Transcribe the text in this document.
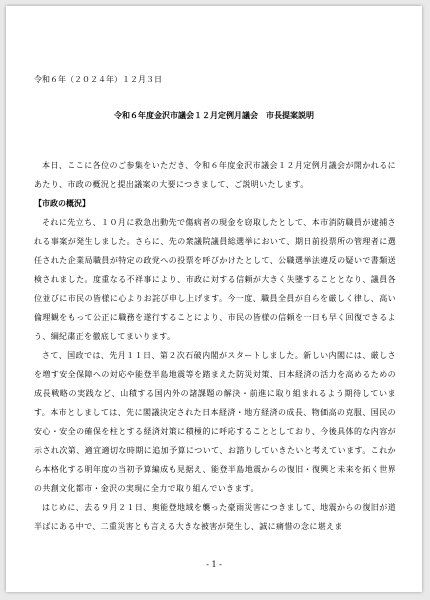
令和６年（２０２４年）１２月３日
令和６年度金沢市議会１２月定例月議会　市長提案説明

本日、ここに各位のご参集をいただき、令和６年度金沢市議会１２月定例月議会が開かれるにあたり、市政の概況と提出議案の大要につきまして、ご説明いたします。

【市政の概況】

それに先立ち、１０月に救急出動先で傷病者の現金を窃取したとして、本市消防職員が逮捕される事案が発生しました。さらに、先の衆議院議員総選挙において、期日前投票所の管理者に選任された企業局職員が特定の政党への投票を呼びかけたとして、公職選挙法違反の疑いで書類送検されました。度重なる不祥事により、市政に対する信頼が大きく失墜することとなり、議員各位並びに市民の皆様に心よりお詫び申し上げます。今一度、職員全員が自らを厳しく律し、高い倫理観をもって公正に職務を遂行することにより、市民の皆様の信頼を一日も早く回復できるよう、綱紀粛正を徹底してまいります。

さて、国政では、先月１１日、第２次石破内閣がスタートしました。新しい内閣には、厳しさを増す安全保障への対応や能登半島地震等を踏まえた防災対策、日本経済の活力を高めるための成長戦略の実践など、山積する国内外の諸課題の解決・前進に取り組まれるよう期待しています。本市としましては、先に閣議決定された日本経済・地方経済の成長、物価高の克服、国民の安心・安全の確保を柱とする経済対策に積極的に呼応することとしており、今後具体的な内容が示され次第、適宜適切な時期に追加予算について、お諮りしていきたいと考えています。これから本格化する明年度の当初予算編成も見据え、能登半島地震からの復旧・復興と未来を拓く世界の共創文化都市・金沢の実現に全力で取り組んでいきます。

はじめに、去る９月２１日、奥能登地域を襲った豪雨災害につきまして、地震からの復旧が道半ばにある中で、二重災害とも言える大きな被害が発生し、誠に痛惜の念に堪えま

- 1 -
